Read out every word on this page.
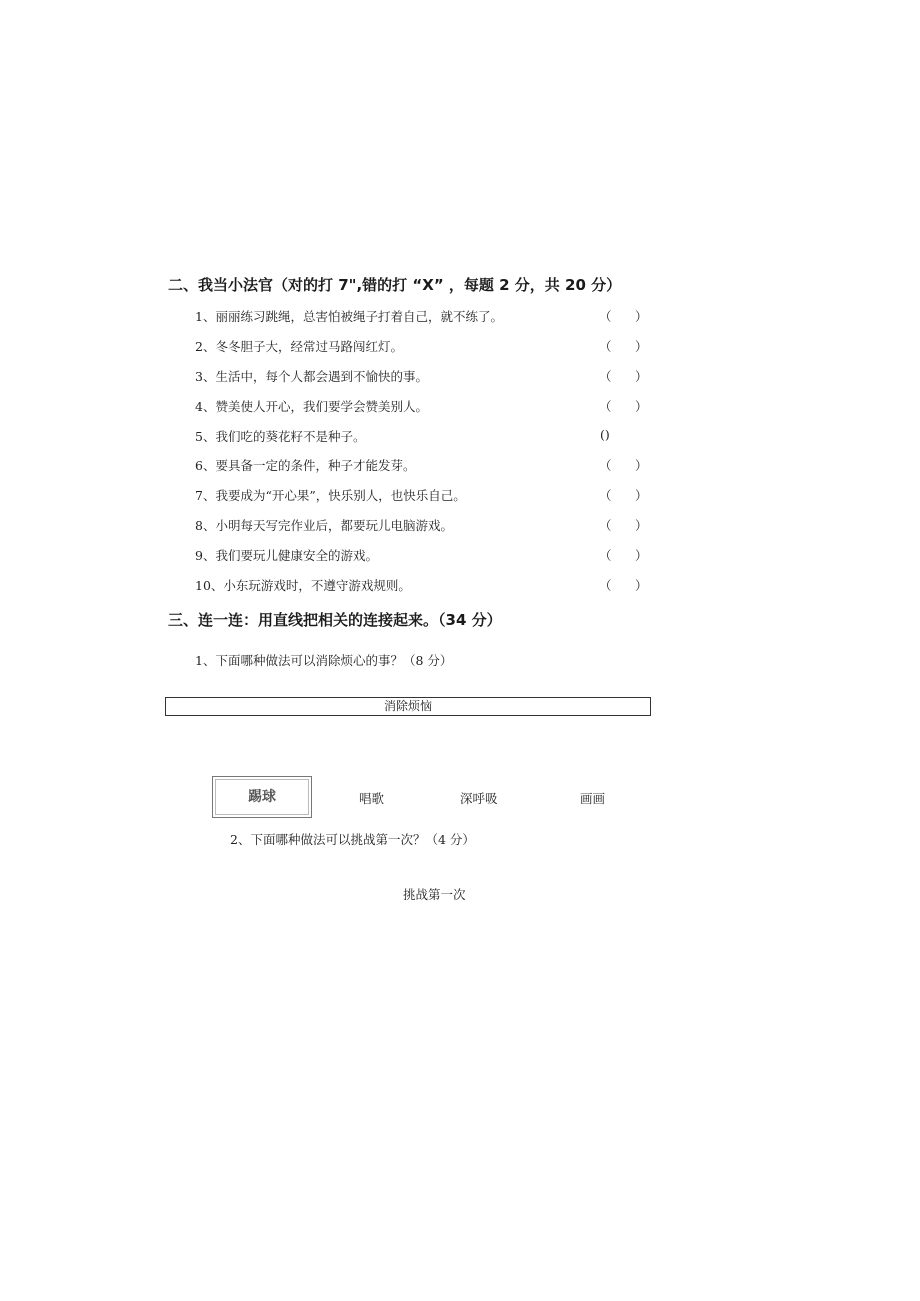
二、我当小法官（对的打 7",错的打 “X” ，每题 2 分，共 20 分）
1、丽丽练习跳绳，总害怕被绳子打着自己，就不练了。	（ ）
2、冬冬胆子大，经常过马路闯红灯。	（ ）
3、生活中，每个人都会遇到不愉快的事。	（ ）
4、赞美使人开心，我们要学会赞美别人。	（ ）
5、我们吃的葵花籽不是种子。	()
6、要具备一定的条件，种子才能发芽。	（ ）
7、我要成为“开心果”，快乐别人，也快乐自己。	（ ）
8、小明每天写完作业后，都要玩儿电脑游戏。	（ ）
9、我们要玩儿健康安全的游戏。	（ ）
10、小东玩游戏时，不遵守游戏规则。	（ ）
三、连一连：用直线把相关的连接起来。（34 分）
1、下面哪种做法可以消除烦心的事？（8 分）
消除烦恼
踢球	唱歌	深呼吸	画画
2、下面哪种做法可以挑战第一次？（4 分）
挑战第一次
